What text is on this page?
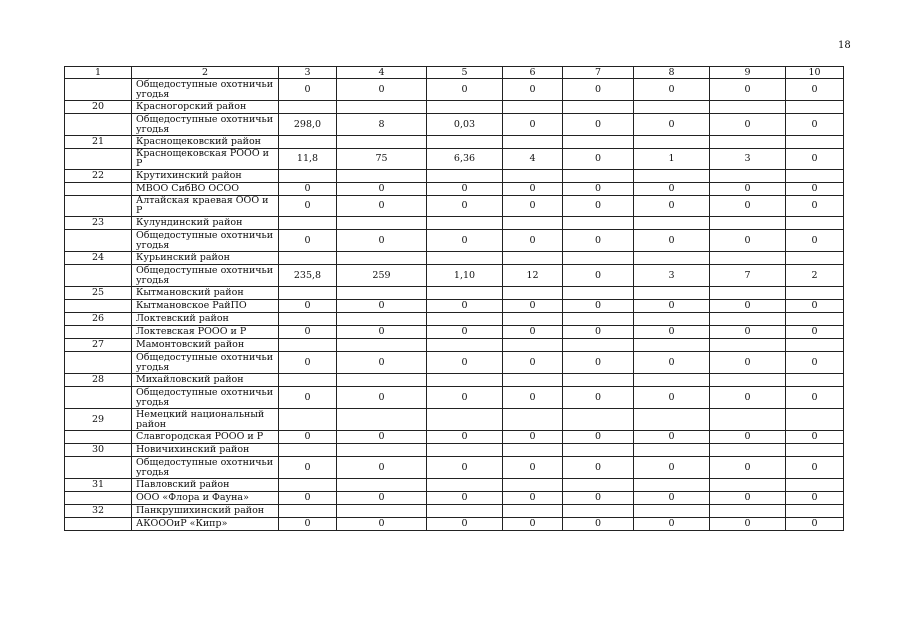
18
1	2	3	4	5	6	7	8	9	10
	Общедоступные охотничьи угодья	0	0	0	0	0	0	0	0
20	Красногорский район								
	Общедоступные охотничьи угодья	298,0	8	0,03	0	0	0	0	0
21	Краснощековский район								
	Краснощековская РООО и Р	11,8	75	6,36	4	0	1	3	0
22	Крутихинский район								
	МВОО СибВО ОСОО	0	0	0	0	0	0	0	0
	Алтайская краевая ООО и Р	0	0	0	0	0	0	0	0
23	Кулундинский район								
	Общедоступные охотничьи угодья	0	0	0	0	0	0	0	0
24	Курьинский район								
	Общедоступные охотничьи угодья	235,8	259	1,10	12	0	3	7	2
25	Кытмановский район								
	Кытмановское РайПО	0	0	0	0	0	0	0	0
26	Локтевский район								
	Локтевская РООО и Р	0	0	0	0	0	0	0	0
27	Мамонтовский район								
	Общедоступные охотничьи угодья	0	0	0	0	0	0	0	0
28	Михайловский район								
	Общедоступные охотничьи угодья	0	0	0	0	0	0	0	0
29	Немецкий национальный район								
	Славгородская РООО и Р	0	0	0	0	0	0	0	0
30	Новичихинский район								
	Общедоступные охотничьи угодья	0	0	0	0	0	0	0	0
31	Павловский район								
	ООО «Флора и Фауна»	0	0	0	0	0	0	0	0
32	Панкрушихинский район								
	АКОООиР «Кипр»	0	0	0	0	0	0	0	0
